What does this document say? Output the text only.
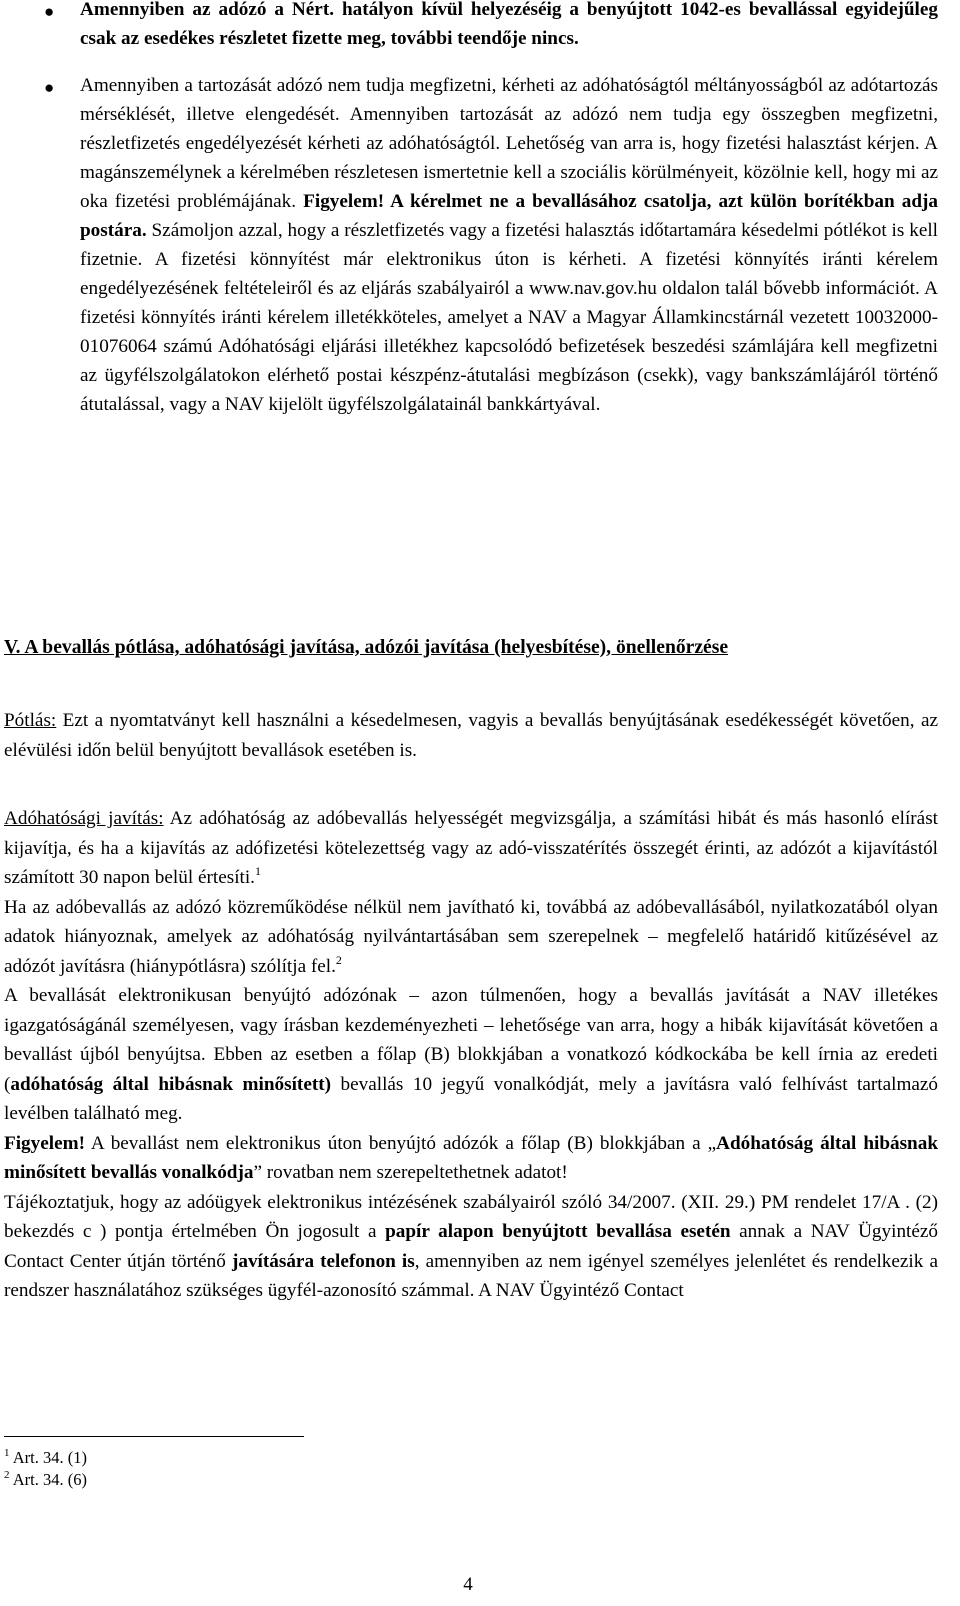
● Amennyiben az adózó a Nért. hatályon kívül helyezéséig a benyújtott 1042-es bevallással egyidejűleg csak az esedékes részletet fizette meg, további teendője nincs.
● Amennyiben a tartozását adózó nem tudja megfizetni, kérheti az adóhatóságtól méltányosságból az adótartozás mérséklését, illetve elengedését. Amennyiben tartozását az adózó nem tudja egy összegben megfizetni, részletfizetés engedélyezését kérheti az adóhatóságtól. Lehetőség van arra is, hogy fizetési halasztást kérjen. A magánszemélynek a kérelmében részletesen ismertetnie kell a szociális körülményeit, közölnie kell, hogy mi az oka fizetési problémájának. Figyelem! A kérelmet ne a bevallásához csatolja, azt külön borítékban adja postára. Számoljon azzal, hogy a részletfizetés vagy a fizetési halasztás időtartamára késedelmi pótlékot is kell fizetnie. A fizetési könnyítést már elektronikus úton is kérheti. A fizetési könnyítés iránti kérelem engedélyezésének feltételeiről és az eljárás szabályairól a www.nav.gov.hu oldalon talál bővebb információt. A fizetési könnyítés iránti kérelem illetékköteles, amelyet a NAV a Magyar Államkincstárnál vezetett 10032000-01076064 számú Adóhatósági eljárási illetékhez kapcsolódó befizetések beszedési számlájára kell megfizetni az ügyfélszolgálatokon elérhető postai készpénz-átutalási megbízáson (csekk), vagy bankszámlájáról történő átutalással, vagy a NAV kijelölt ügyfélszolgálatainál bankkártyával.
V. A bevallás pótlása, adóhatósági javítása, adózói javítása (helyesbítése), önellenőrzése
Pótlás: Ezt a nyomtatványt kell használni a késedelmesen, vagyis a bevallás benyújtásának esedékességét követően, az elévülési időn belül benyújtott bevallások esetében is.
Adóhatósági javítás: Az adóhatóság az adóbevallás helyességét megvizsgálja, a számítási hibát és más hasonló elírást kijavítja, és ha a kijavítás az adófizetési kötelezettség vagy az adó-visszatérítés összegét érinti, az adózót a kijavítástól számított 30 napon belül értesíti.$^1$
Ha az adóbevallás az adózó közreműködése nélkül nem javítható ki, továbbá az adóbevallásából, nyilatkozatából olyan adatok hiányoznak, amelyek az adóhatóság nyilvántartásában sem szerepelnek – megfelelő határidő kitűzésével az adózót javításra (hiánypótlásra) szólítja fel.$^2$
A bevallását elektronikusan benyújtó adózónak – azon túlmenően, hogy a bevallás javítását a NAV illetékes igazgatóságánál személyesen, vagy írásban kezdeményezheti – lehetősége van arra, hogy a hibák kijavítását követően a bevallást újból benyújtsa. Ebben az esetben a főlap (B) blokkjában a vonatkozó kódkockába be kell írnia az eredeti (adóhatóság által hibásnak minősített) bevallás 10 jegyű vonalkódját, mely a javításra való felhívást tartalmazó levélben található meg.
Figyelem! A bevallást nem elektronikus úton benyújtó adózók a főlap (B) blokkjában a „Adóhatóság által hibásnak minősített bevallás vonalkódja” rovatban nem szerepeltethetnek adatot!
Tájékoztatjuk, hogy az adóügyek elektronikus intézésének szabályairól szóló 34/2007. (XII. 29.) PM rendelet 17/A . (2) bekezdés c ) pontja értelmében Ön jogosult a papír alapon benyújtott bevallása esetén annak a NAV Ügyintéző Contact Center útján történő javítására telefonon is, amennyiben az nem igényel személyes jelenlétet és rendelkezik a rendszer használatához szükséges ügyfél-azonosító számmal. A NAV Ügyintéző Contact
$^1$ Art. 34. (1)
$^2$ Art. 34. (6)
4
